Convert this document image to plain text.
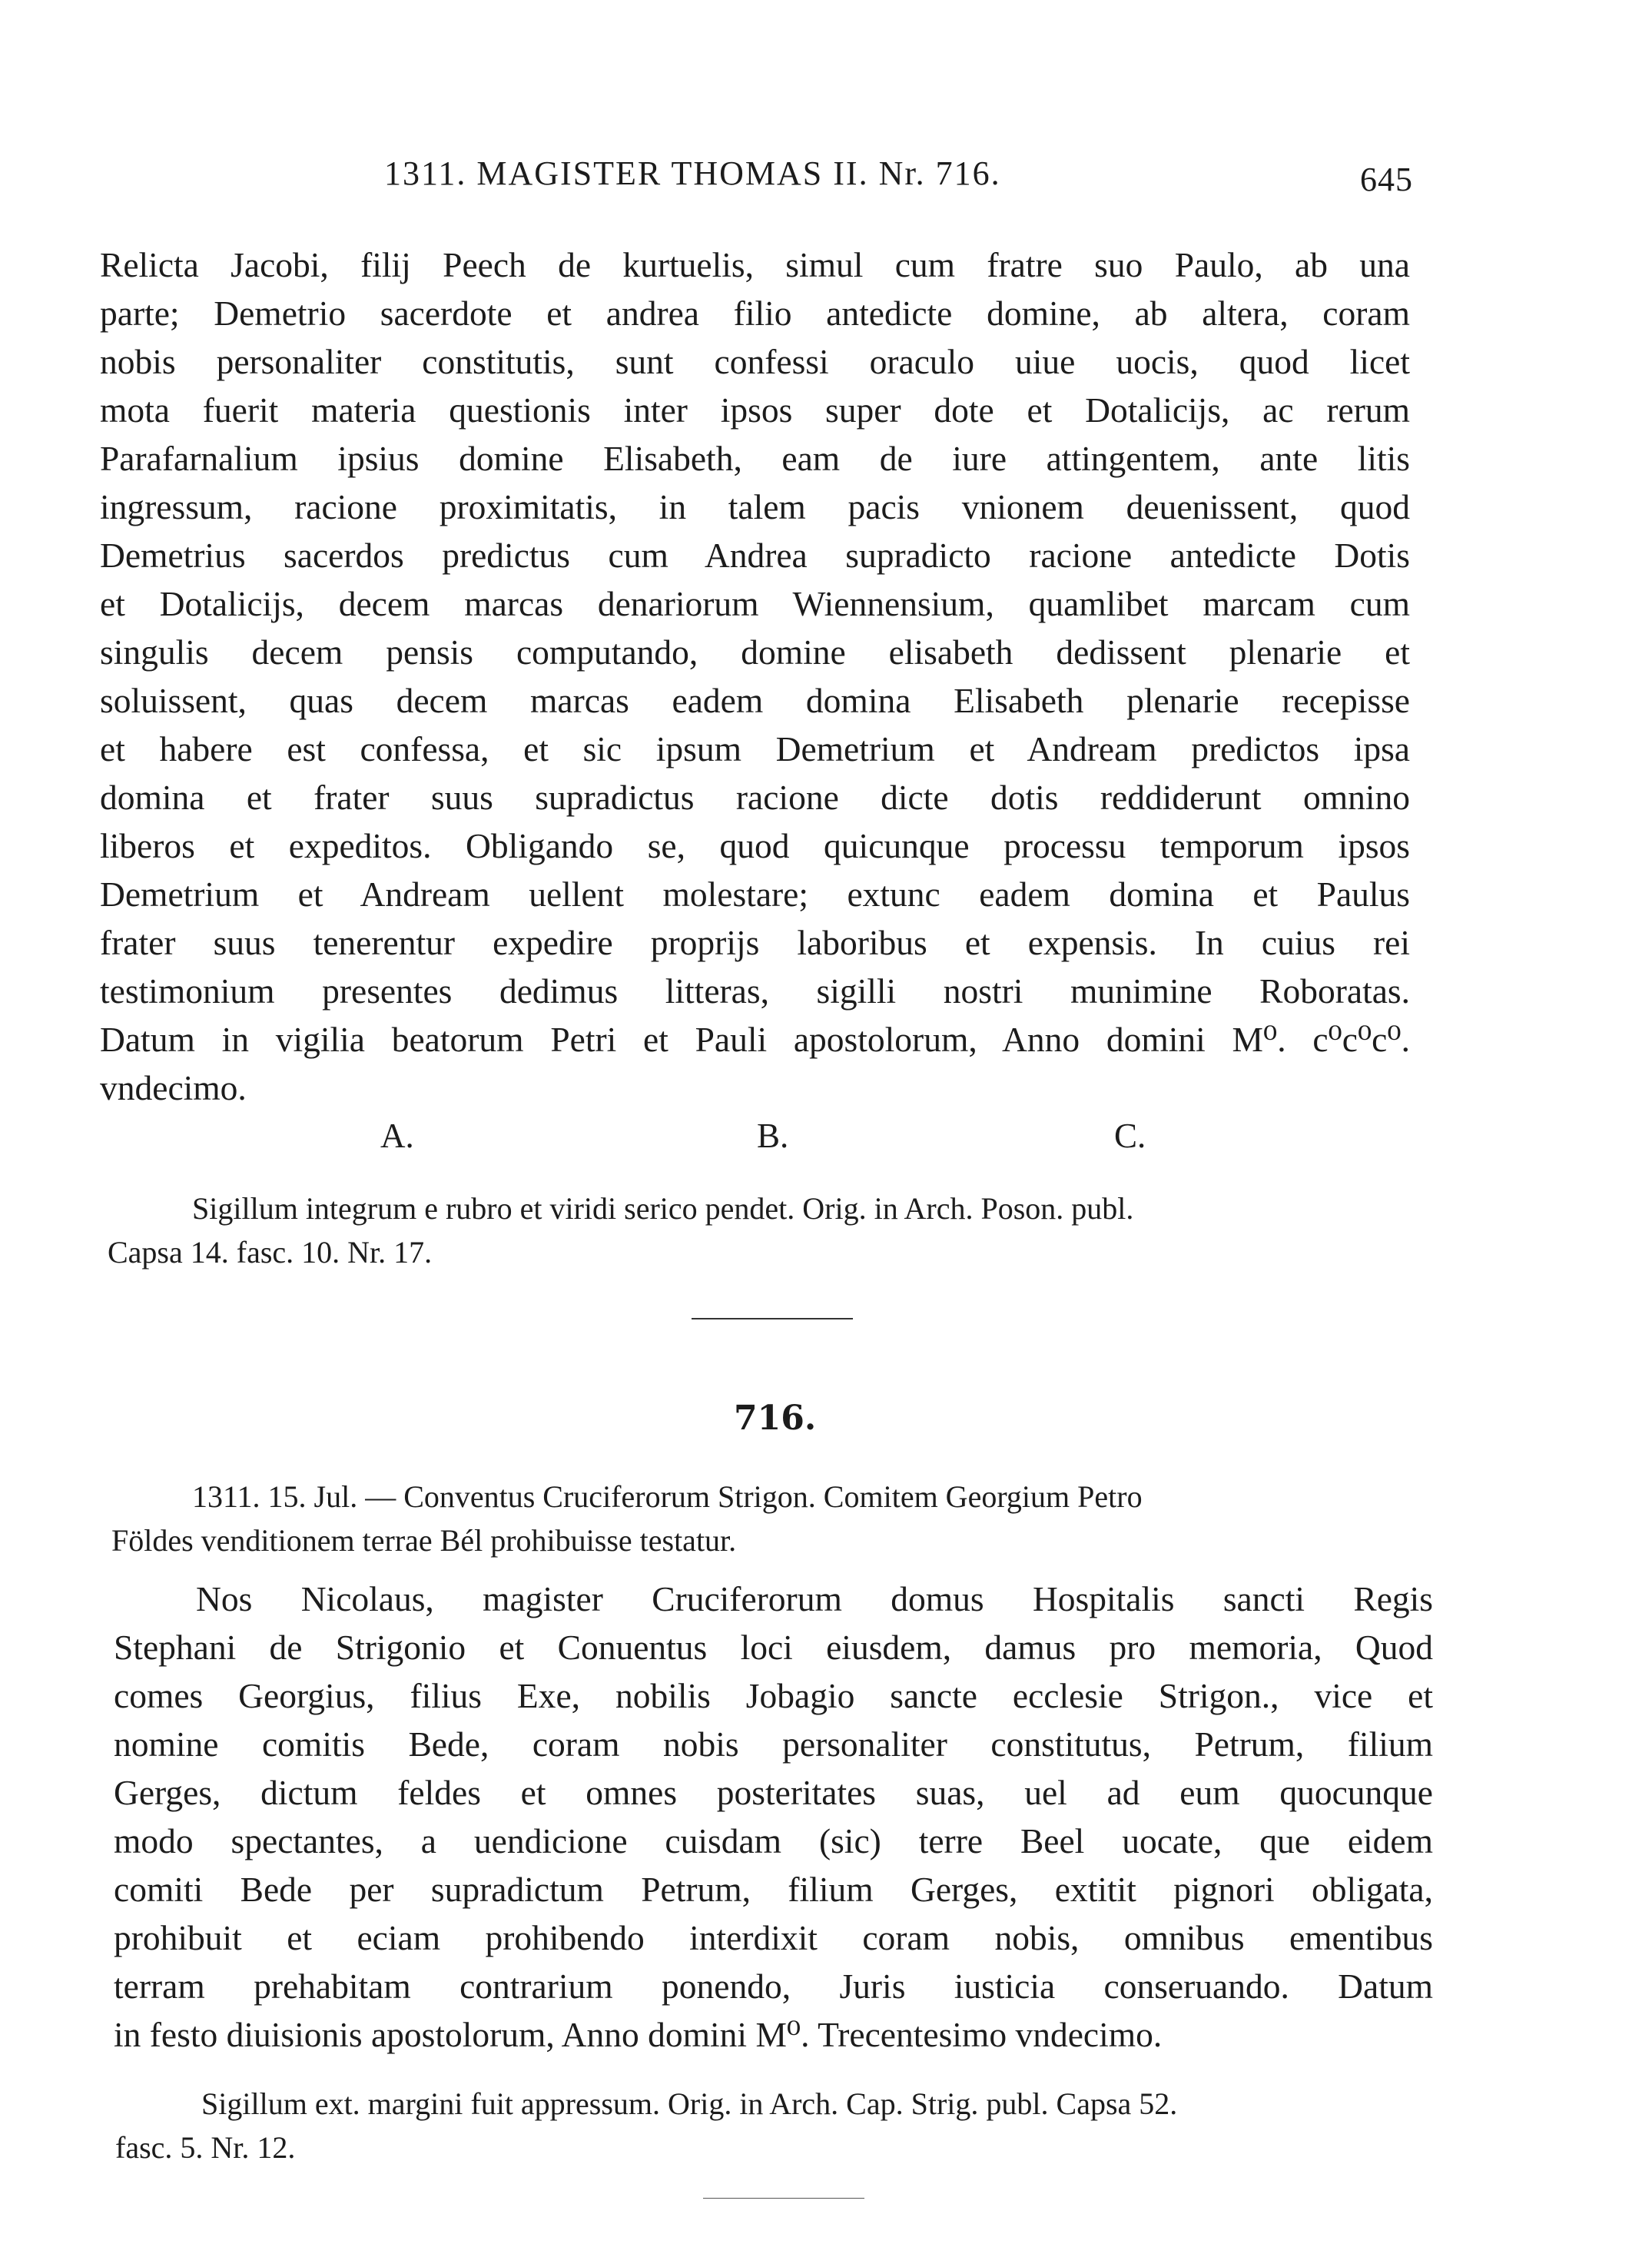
1311. MAGISTER THOMAS II. Nr. 716.	645
Relicta Jacobi, filij Peech de kurtuelis, simul cum fratre suo Paulo, ab una
parte; Demetrio sacerdote et andrea filio antedicte domine, ab altera, coram
nobis personaliter constitutis, sunt confessi oraculo uiue uocis, quod licet
mota fuerit materia questionis inter ipsos super dote et Dotalicijs, ac rerum
Parafarnalium ipsius domine Elisabeth, eam de iure attingentem, ante litis
ingressum, racione proximitatis, in talem pacis vnionem deuenissent, quod
Demetrius sacerdos predictus cum Andrea supradicto racione antedicte Dotis
et Dotalicijs, decem marcas denariorum Wiennensium, quamlibet marcam cum
singulis decem pensis computando, domine elisabeth dedissent plenarie et
soluissent, quas decem marcas eadem domina Elisabeth plenarie recepisse
et habere est confessa, et sic ipsum Demetrium et Andream predictos ipsa
domina et frater suus supradictus racione dicte dotis reddiderunt omnino
liberos et expeditos. Obligando se, quod quicunque processu temporum ipsos
Demetrium et Andream uellent molestare; extunc eadem domina et Paulus
frater suus tenerentur expedire proprijs laboribus et expensis. In cuius rei
testimonium presentes dedimus litteras, sigilli nostri munimine Roboratas.
Datum in vigilia beatorum Petri et Pauli apostolorum, Anno domini M⁰. c⁰c⁰c⁰.
vndecimo.
A.	B.	C.
Sigillum integrum e rubro et viridi serico pendet. Orig. in Arch. Poson. publ.
Capsa 14. fasc. 10. Nr. 17.
716.
1311. 15. Jul. — Conventus Cruciferorum Strigon. Comitem Georgium Petro
Földes venditionem terrae Bél prohibuisse testatur.
Nos Nicolaus, magister Cruciferorum domus Hospitalis sancti Regis
Stephani de Strigonio et Conuentus loci eiusdem, damus pro memoria, Quod
comes Georgius, filius Exe, nobilis Jobagio sancte ecclesie Strigon., vice et
nomine comitis Bede, coram nobis personaliter constitutus, Petrum, filium
Gerges, dictum feldes et omnes posteritates suas, uel ad eum quocunque
modo spectantes, a uendicione cuisdam (sic) terre Beel uocate, que eidem
comiti Bede per supradictum Petrum, filium Gerges, extitit pignori obligata,
prohibuit et eciam prohibendo interdixit coram nobis, omnibus ementibus
terram prehabitam contrarium ponendo, Juris iusticia conseruando. Datum
in festo diuisionis apostolorum, Anno domini M⁰. Trecentesimo vndecimo.
Sigillum ext. margini fuit appressum. Orig. in Arch. Cap. Strig. publ. Capsa 52.
fasc. 5. Nr. 12.
